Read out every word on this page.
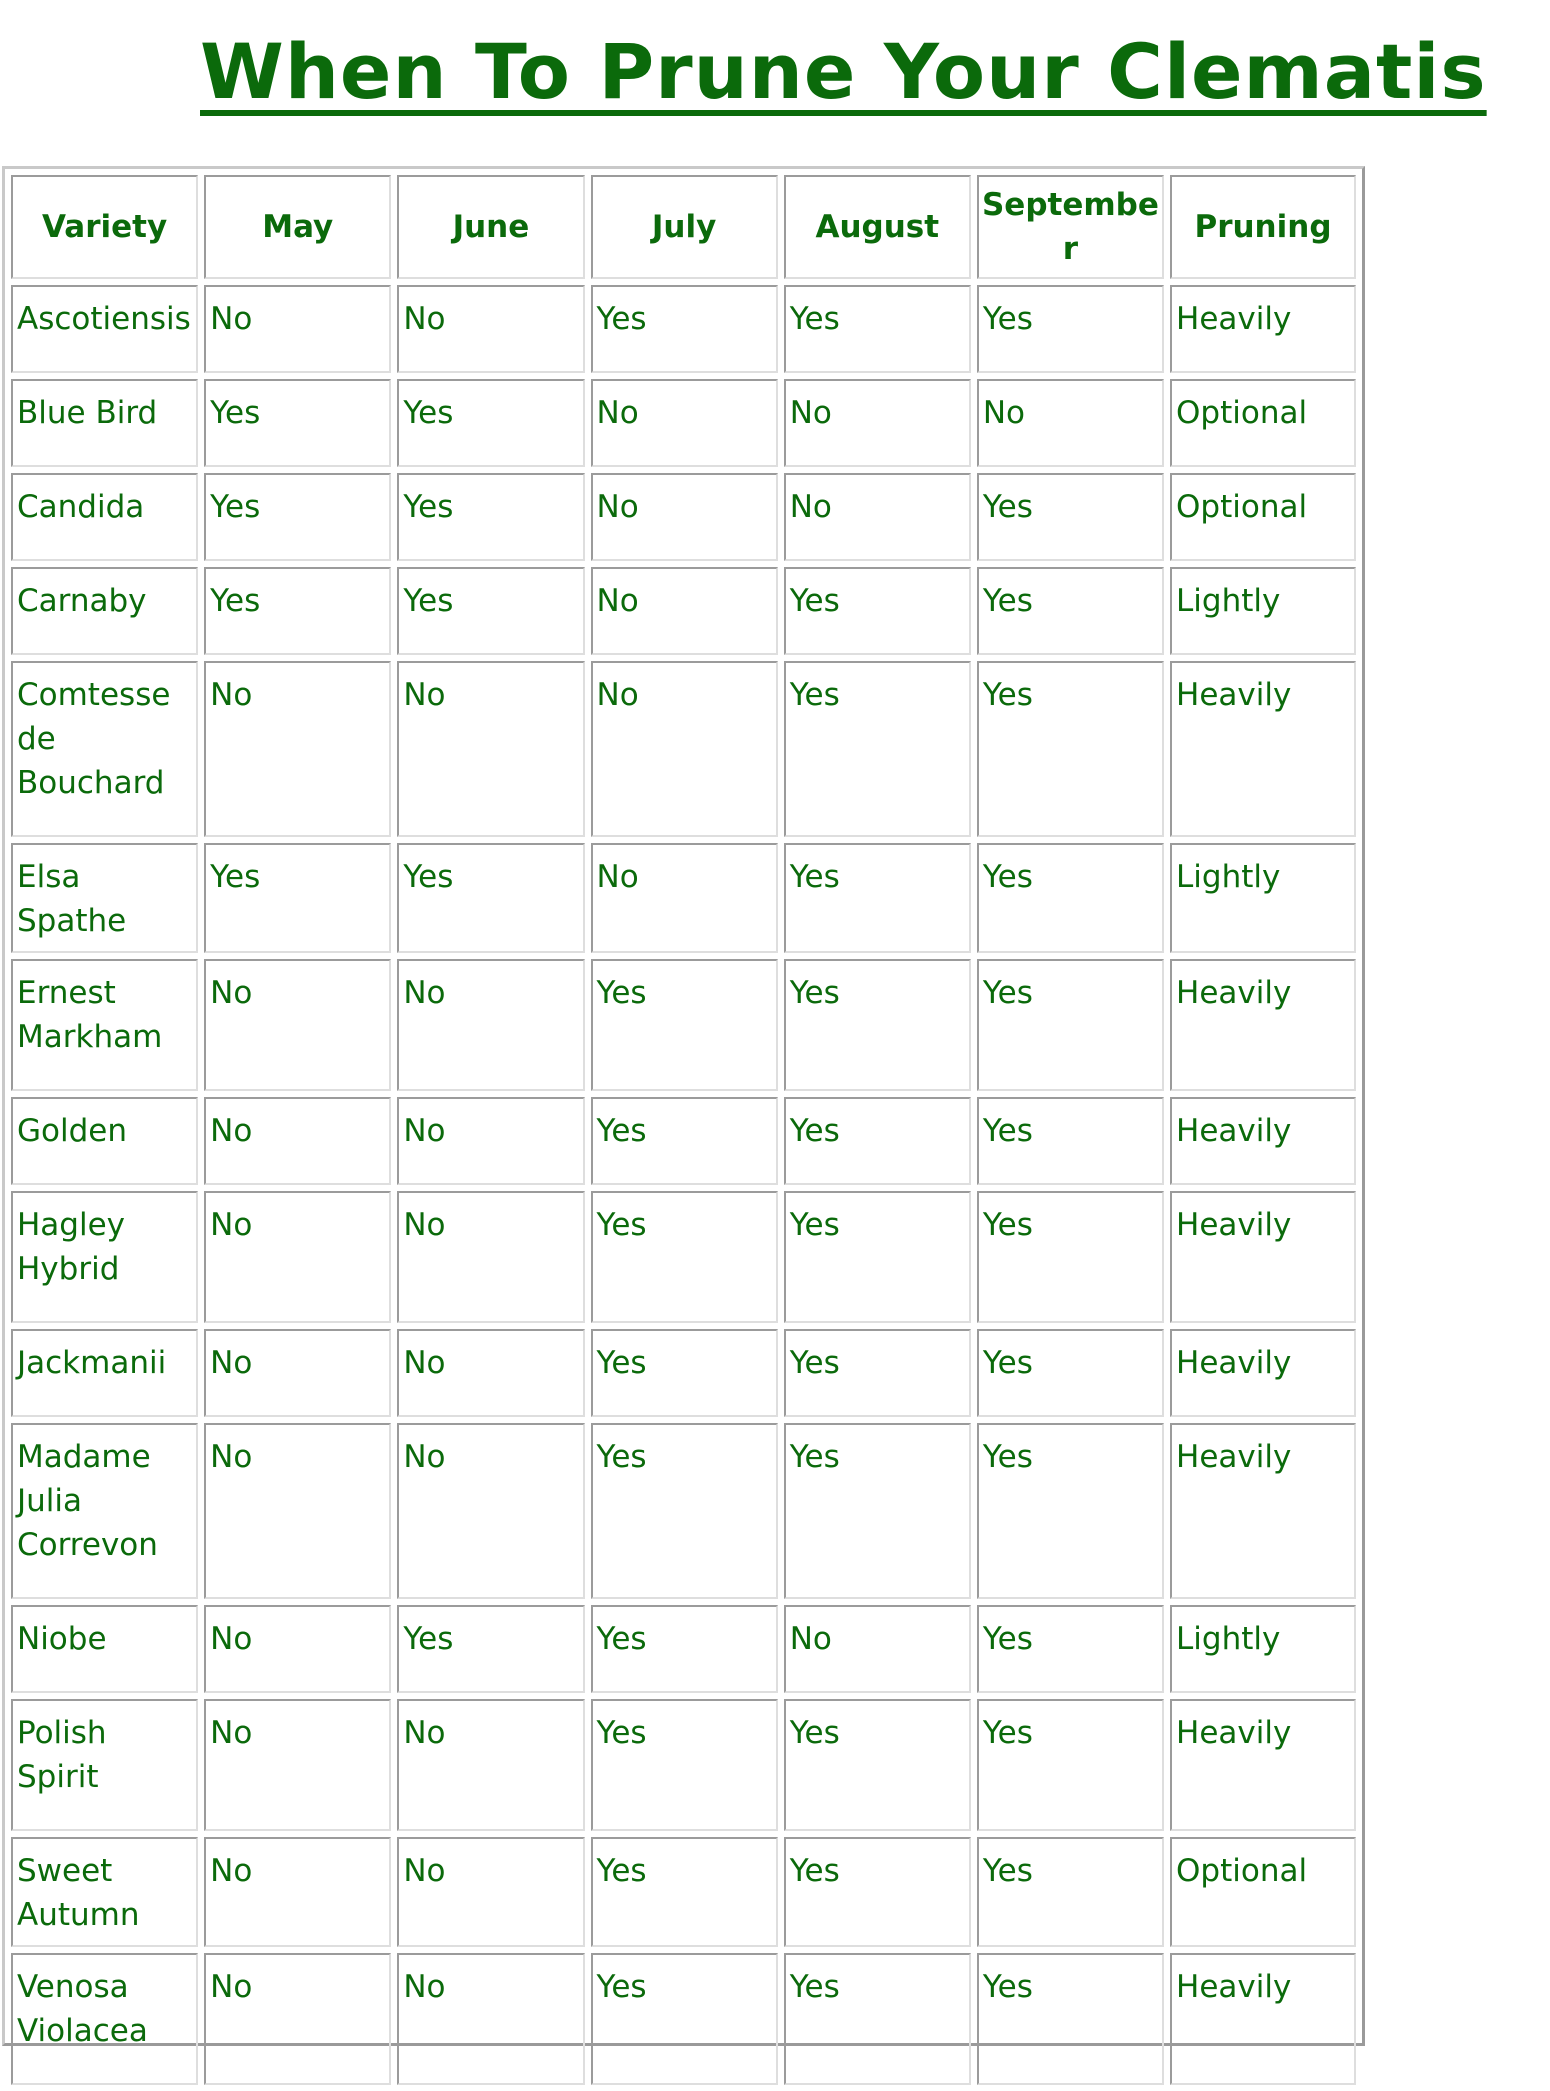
When To Prune Your Clematis
Variety	May	June	July	August	September	Pruning
Ascotiensis	No	No	Yes	Yes	Yes	Heavily
Blue Bird	Yes	Yes	No	No	No	Optional
Candida	Yes	Yes	No	No	Yes	Optional
Carnaby	Yes	Yes	No	Yes	Yes	Lightly
Comtesse de Bouchard	No	No	No	Yes	Yes	Heavily
Elsa Spathe	Yes	Yes	No	Yes	Yes	Lightly
Ernest Markham	No	No	Yes	Yes	Yes	Heavily
Golden	No	No	Yes	Yes	Yes	Heavily
Hagley Hybrid	No	No	Yes	Yes	Yes	Heavily
Jackmanii	No	No	Yes	Yes	Yes	Heavily
Madame Julia Correvon	No	No	Yes	Yes	Yes	Heavily
Niobe	No	Yes	Yes	No	Yes	Lightly
Polish Spirit	No	No	Yes	Yes	Yes	Heavily
Sweet Autumn	No	No	Yes	Yes	Yes	Optional
Venosa Violacea	No	No	Yes	Yes	Yes	Heavily
